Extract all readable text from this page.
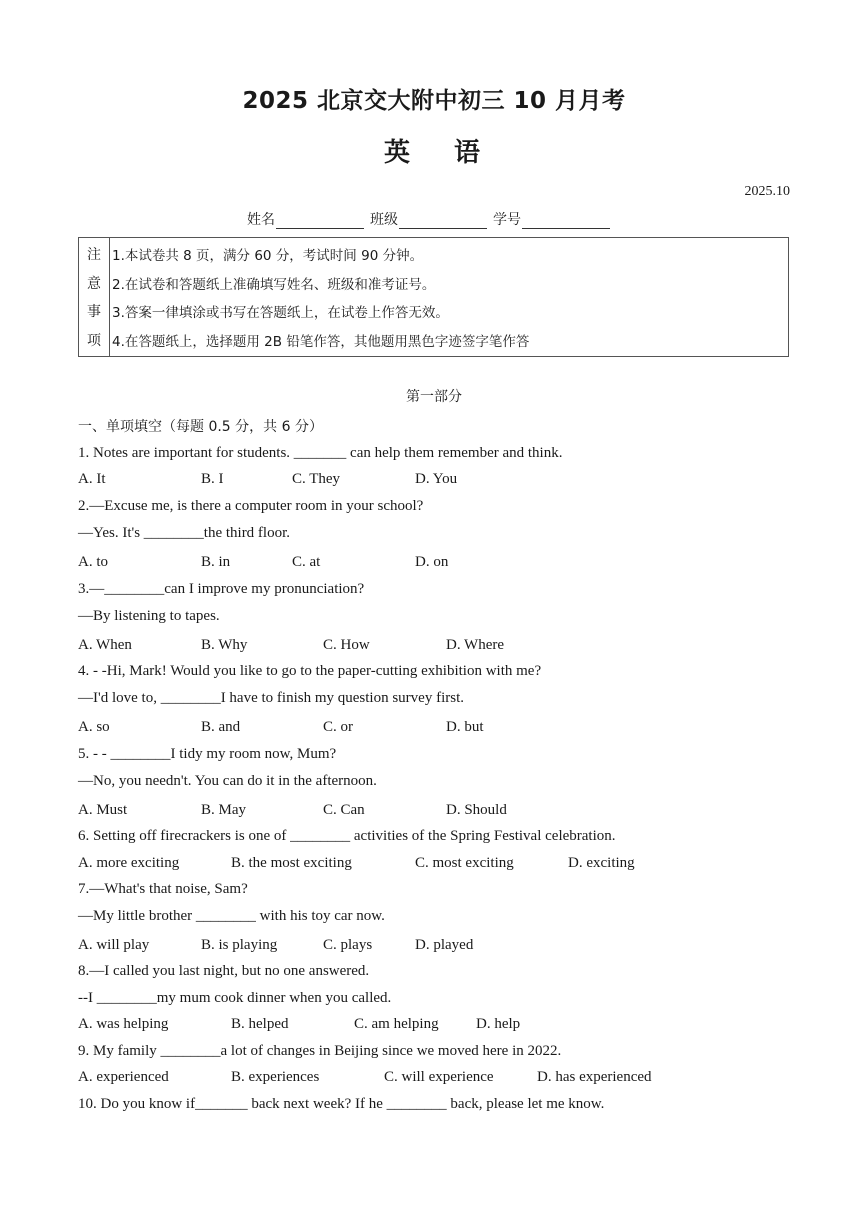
2025 北京交大附中初三 10 月月考
英语
2025.10
姓名	班级	学号
注
意
事
项
1.本试卷共 8 页，满分 60 分，考试时间 90 分钟。
2.在试卷和答题纸上准确填写姓名、班级和准考证号。
3.答案一律填涂或书写在答题纸上，在试卷上作答无效。
4.在答题纸上，选择题用 2B 铅笔作答，其他题用黑色字迹签字笔作答
第一部分
一、单项填空（每题 0.5 分，共 6 分）
1. Notes are important for students. _______ can help them remember and think.
A. It	B. I	C. They	D. You
2.—Excuse me, is there a computer room in your school?
—Yes. It's ________the third floor.
A. to	B. in	C. at	D. on
3.—________can I improve my pronunciation?
—By listening to tapes.
A. When	B. Why	C. How	D. Where
4. - -Hi, Mark! Would you like to go to the paper-cutting exhibition with me?
—I'd love to, ________I have to finish my question survey first.
A. so	B. and	C. or	D. but
5. - - ________I tidy my room now, Mum?
—No, you needn't. You can do it in the afternoon.
A. Must	B. May	C. Can	D. Should
6. Setting off firecrackers is one of ________ activities of the Spring Festival celebration.
A. more exciting	B. the most exciting	C. most exciting	D. exciting
7.—What's that noise, Sam?
—My little brother ________ with his toy car now.
A. will play	B. is playing	C. plays	D. played
8.—I called you last night, but no one answered.
--I ________my mum cook dinner when you called.
A. was helping	B. helped	C. am helping D. help
9. My family ________a lot of changes in Beijing since we moved here in 2022.
A. experienced	B. experiences	C. will experience	D. has experienced
10. Do you know if_______ back next week? If he ________ back, please let me know.
